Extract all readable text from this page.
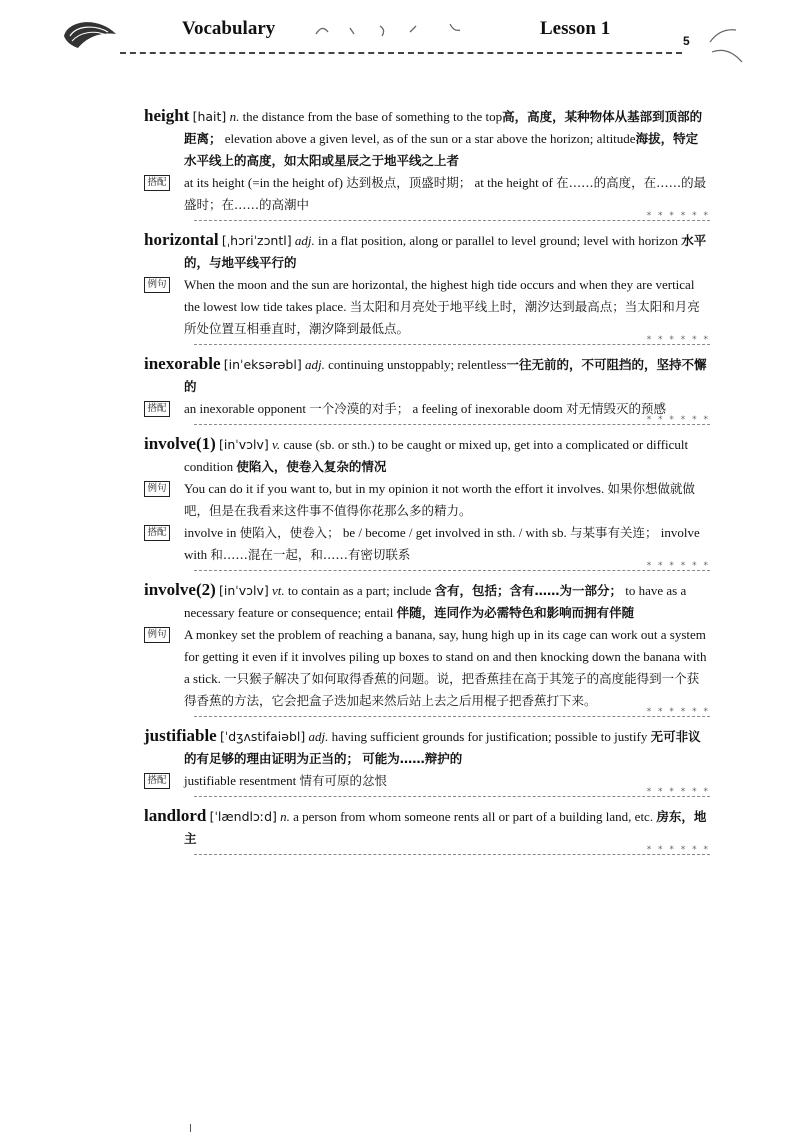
Vocabulary	Lesson 1
5

height [hait] n. the distance from the base of something to the top高，高度，某种物体从基部到顶部的距离； elevation above a given level, as of the sun or a star above the horizon; altitude海拔，特定水平线上的高度，如太阳或星辰之于地平线之上者

搭配 at its height (=in the height of) 达到极点，顶盛时期； at the height of 在……的高度，在……的最盛时；在……的高潮中

* * * * * *

horizontal [ˌhɔriˈzɔntl] adj. in a flat position, along or parallel to level ground; level with horizon 水平的，与地平线平行的

例句 When the moon and the sun are horizontal, the highest high tide occurs and when they are vertical the lowest low tide takes place. 当太阳和月亮处于地平线上时，潮汐达到最高点；当太阳和月亮所处位置互相垂直时，潮汐降到最低点。

* * * * * *

inexorable [inˈeksərəbl] adj. continuing unstoppably; relentless一往无前的，不可阻挡的，坚持不懈的

搭配 an inexorable opponent 一个冷漠的对手； a feeling of inexorable doom 对无情毁灭的预感

* * * * * *

involve(1) [inˈvɔlv] v. cause (sb. or sth.) to be caught or mixed up, get into a complicated or difficult condition 使陷入，使卷入复杂的情况

例句 You can do it if you want to, but in my opinion it not worth the effort it involves. 如果你想做就做吧，但是在我看来这件事不值得你花那么多的精力。

搭配 involve in 使陷入，使卷入； be / become / get involved in sth. / with sb. 与某事有关连； involve with 和……混在一起，和……有密切联系

* * * * * *

involve(2) [inˈvɔlv] vt. to contain as a part; include 含有，包括；含有……为一部分； to have as a necessary feature or consequence; entail 伴随，连同作为必需特色和影响而拥有伴随

例句 A monkey set the problem of reaching a banana, say, hung high up in its cage can work out a system for getting it even if it involves piling up boxes to stand on and then knocking down the banana with a stick. 一只猴子解决了如何取得香蕉的问题。说，把香蕉挂在高于其笼子的高度能得到一个获得香蕉的方法，它会把盒子迭加起来然后站上去之后用棍子把香蕉打下来。

* * * * * *

justifiable [ˈdʒʌstifaiəbl] adj. having sufficient grounds for justification; possible to justify 无可非议的有足够的理由证明为正当的； 可能为……辩护的

搭配 justifiable resentment 情有可原的忿恨

* * * * * *

landlord [ˈlændlɔːd] n. a person from whom someone rents all or part of a building land, etc. 房东，地主

* * * * * *
